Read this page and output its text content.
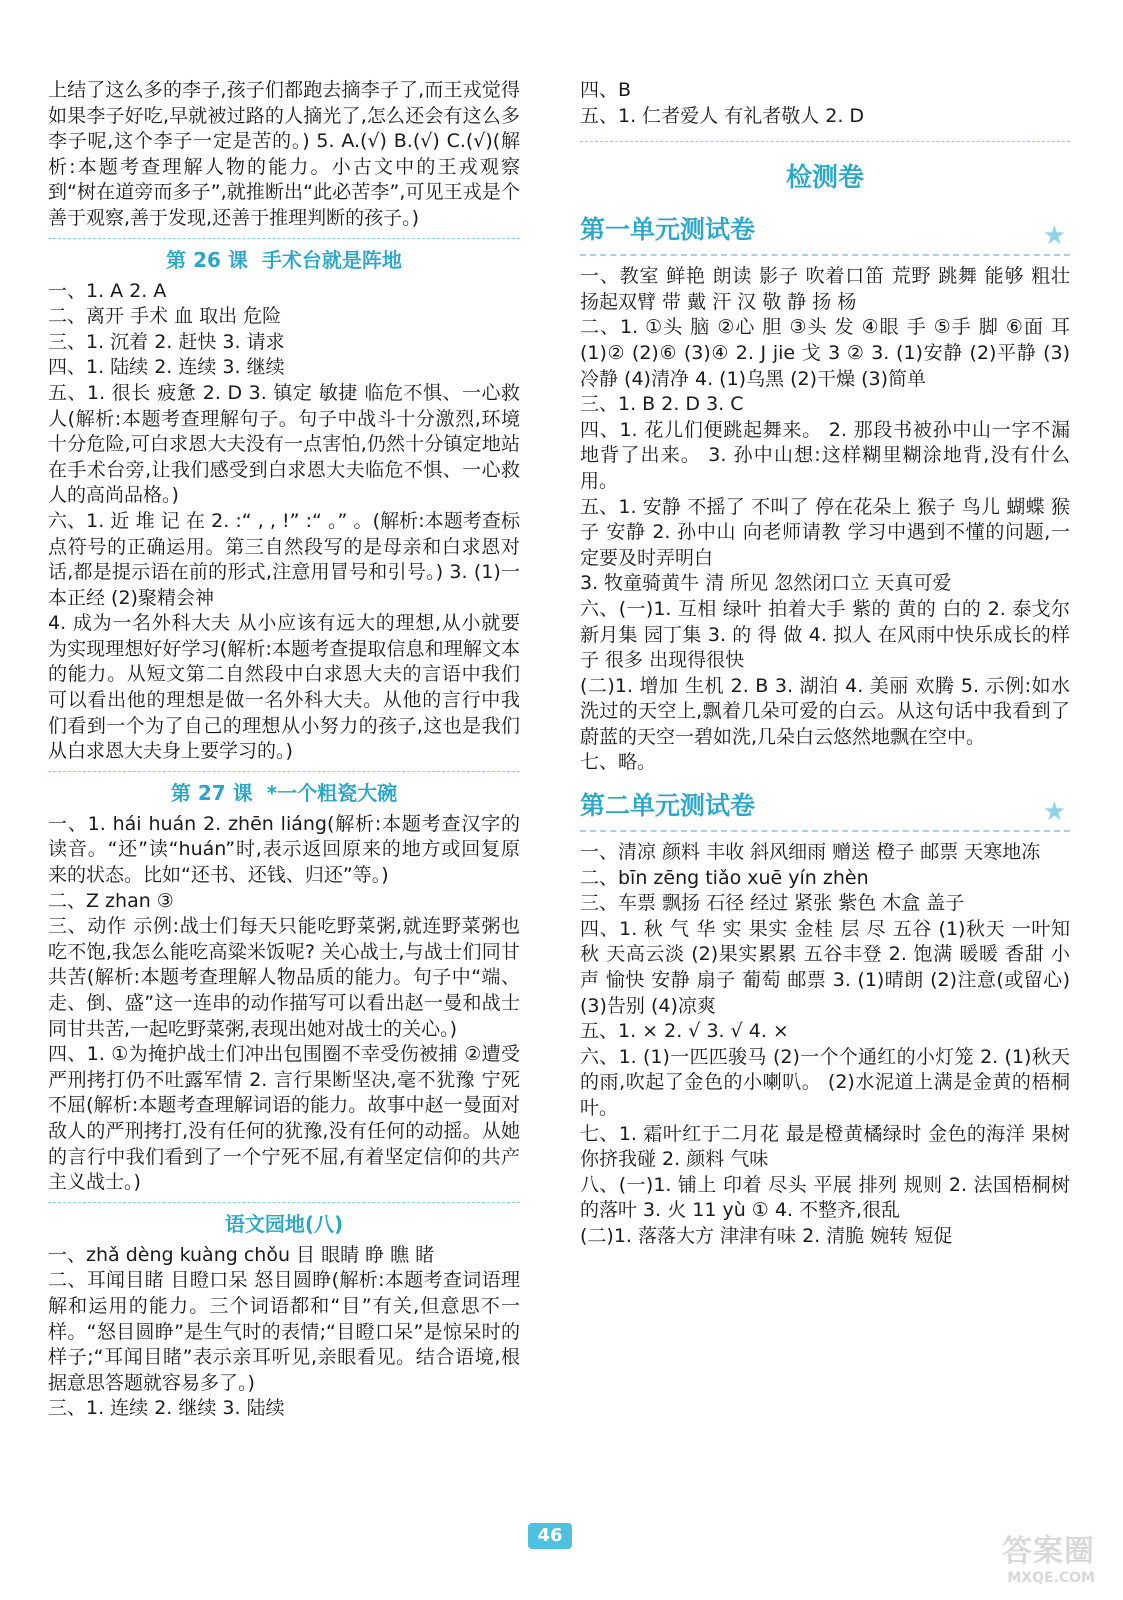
上结了这么多的李子,孩子们都跑去摘李子了,而王戎觉得如果李子好吃,早就被过路的人摘光了,怎么还会有这么多李子呢,这个李子一定是苦的。) 5. A.(√) B.(√) C.(√)(解析:本题考查理解人物的能力。小古文中的王戎观察到“树在道旁而多子”,就推断出“此必苦李”,可见王戎是个善于观察,善于发现,还善于推理判断的孩子。)

第 26 课 手术台就是阵地

一、1. A 2. A

二、离开 手术 血 取出 危险

三、1. 沉着 2. 赶快 3. 请求

四、1. 陆续 2. 连续 3. 继续

五、1. 很长 疲惫 2. D 3. 镇定 敏捷 临危不惧、一心救人(解析:本题考查理解句子。句子中战斗十分激烈,环境十分危险,可白求恩大夫没有一点害怕,仍然十分镇定地站在手术台旁,让我们感受到白求恩大夫临危不惧、一心救人的高尚品格。)

六、1. 近 堆 记 在 2. :“ , , !” :“ 。” 。(解析:本题考查标点符号的正确运用。第三自然段写的是母亲和白求恩对话,都是提示语在前的形式,注意用冒号和引号。) 3. (1)一本正经 (2)聚精会神

4. 成为一名外科大夫 从小应该有远大的理想,从小就要为实现理想好好学习(解析:本题考查提取信息和理解文本的能力。从短文第二自然段中白求恩大夫的言语中我们可以看出他的理想是做一名外科大夫。从他的言行中我们看到一个为了自己的理想从小努力的孩子,这也是我们从白求恩大夫身上要学习的。)

第 27 课 *一个粗瓷大碗

一、1. hái huán 2. zhēn liáng(解析:本题考查汉字的读音。“还”读“huán”时,表示返回原来的地方或回复原来的状态。比如“还书、还钱、归还”等。)

二、Z zhan ③

三、动作 示例:战士们每天只能吃野菜粥,就连野菜粥也吃不饱,我怎么能吃高粱米饭呢? 关心战士,与战士们同甘共苦(解析:本题考查理解人物品质的能力。句子中“端、走、倒、盛”这一连串的动作描写可以看出赵一曼和战士同甘共苦,一起吃野菜粥,表现出她对战士的关心。)

四、1. ①为掩护战士们冲出包围圈不幸受伤被捕 ②遭受严刑拷打仍不吐露军情 2. 言行果断坚决,毫不犹豫 宁死不屈(解析:本题考查理解词语的能力。故事中赵一曼面对敌人的严刑拷打,没有任何的犹豫,没有任何的动摇。从她的言行中我们看到了一个宁死不屈,有着坚定信仰的共产主义战士。)

语文园地(八)

一、zhǎ dèng kuàng chǒu 目 眼睛 睁 瞧 睹

二、耳闻目睹 目瞪口呆 怒目圆睁(解析:本题考查词语理解和运用的能力。三个词语都和“目”有关,但意思不一样。“怒目圆睁”是生气时的表情;“目瞪口呆”是惊呆时的样子;“耳闻目睹”表示亲耳听见,亲眼看见。结合语境,根据意思答题就容易多了。)

三、1. 连续 2. 继续 3. 陆续

四、B

五、1. 仁者爱人 有礼者敬人 2. D

检测卷
第一单元测试卷	★

一、教室 鲜艳 朗读 影子 吹着口笛 荒野 跳舞 能够 粗壮 扬起双臂 带 戴 汗 汉 敬 静 扬 杨

二、1. ①头 脑 ②心 胆 ③头 发 ④眼 手 ⑤手 脚 ⑥面 耳 (1)② (2)⑥ (3)④ 2. J jie 戈 3 ② 3. (1)安静 (2)平静 (3)冷静 (4)清净 4. (1)乌黑 (2)干燥 (3)简单

三、1. B 2. D 3. C

四、1. 花儿们便跳起舞来。 2. 那段书被孙中山一字不漏地背了出来。 3. 孙中山想:这样糊里糊涂地背,没有什么用。

五、1. 安静 不摇了 不叫了 停在花朵上 猴子 鸟儿 蝴蝶 猴子 安静 2. 孙中山 向老师请教 学习中遇到不懂的问题,一定要及时弄明白

3. 牧童骑黄牛 清 所见 忽然闭口立 天真可爱

六、(一)1. 互相 绿叶 拍着大手 紫的 黄的 白的 2. 泰戈尔 新月集 园丁集 3. 的 得 做 4. 拟人 在风雨中快乐成长的样子 很多 出现得很快

(二)1. 增加 生机 2. B 3. 湖泊 4. 美丽 欢腾 5. 示例:如水洗过的天空上,飘着几朵可爱的白云。从这句话中我看到了蔚蓝的天空一碧如洗,几朵白云悠然地飘在空中。

七、略。

第二单元测试卷	★

一、清凉 颜料 丰收 斜风细雨 赠送 橙子 邮票 天寒地冻

二、bīn zēng tiǎo xuē yín zhèn

三、车票 飘扬 石径 经过 紧张 紫色 木盒 盖子

四、1. 秋 气 华 实 果实 金桂 层 尽 五谷 (1)秋天 一叶知秋 天高云淡 (2)果实累累 五谷丰登 2. 饱满 暖暖 香甜 小声 愉快 安静 扇子 葡萄 邮票 3. (1)晴朗 (2)注意(或留心) (3)告别 (4)凉爽

五、1. × 2. √ 3. √ 4. ×

六、1. (1)一匹匹骏马 (2)一个个通红的小灯笼 2. (1)秋天的雨,吹起了金色的小喇叭。 (2)水泥道上满是金黄的梧桐叶。

七、1. 霜叶红于二月花 最是橙黄橘绿时 金色的海洋 果树 你挤我碰 2. 颜料 气味

八、(一)1. 铺上 印着 尽头 平展 排列 规则 2. 法国梧桐树的落叶 3. 火 11 yù ① 4. 不整齐,很乱

(二)1. 落落大方 津津有味 2. 清脆 婉转 短促

46	答案圈
MXQE.COM
